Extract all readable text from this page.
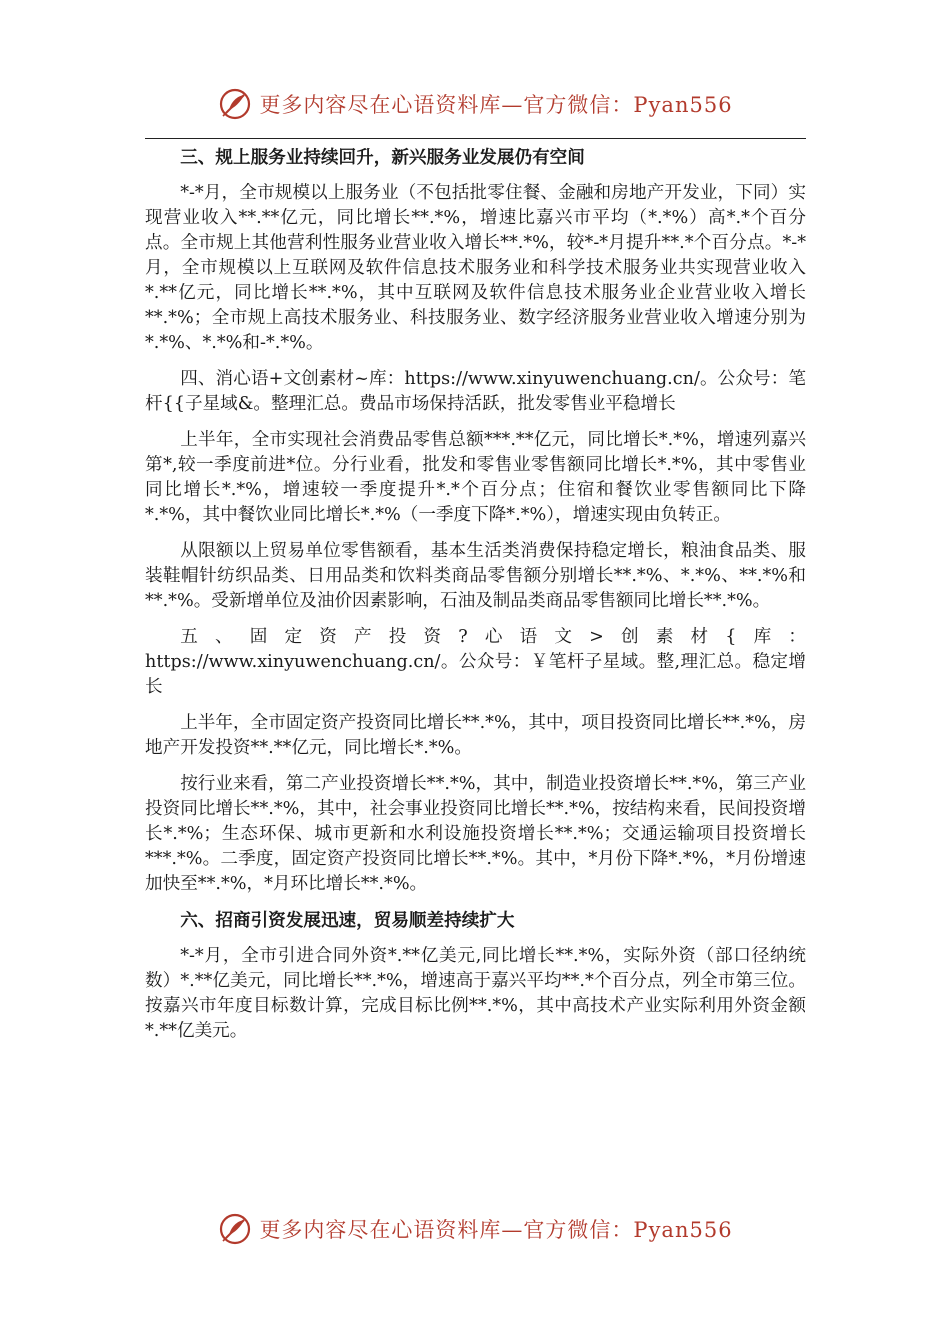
更多内容尽在心语资料库—官方微信：Pyan556

三、规上服务业持续回升，新兴服务业发展仍有空间

*-*月，全市规模以上服务业（不包括批零住餐、金融和房地产开发业，下同）实现营业收入**.**亿元，同比增长**.*%，增速比嘉兴市平均（*.*%）高*.*个百分点。全市规上其他营利性服务业营业收入增长**.*%，较*-*月提升**.*个百分点。*-*月，全市规模以上互联网及软件信息技术服务业和科学技术服务业共实现营业收入*.**亿元，同比增长**.*%，其中互联网及软件信息技术服务业企业营业收入增长**.*%；全市规上高技术服务业、科技服务业、数字经济服务业营业收入增速分别为*.*%、*.*%和-*.*%。

四、消心语+文创素材~库：https://www.xinyuwenchuang.cn/。公众号：笔杆{{子星域&。整理汇总。费品市场保持活跃，批发零售业平稳增长

上半年，全市实现社会消费品零售总额***.**亿元，同比增长*.*%，增速列嘉兴第*,较一季度前进*位。分行业看，批发和零售业零售额同比增长*.*%，其中零售业同比增长*.*%，增速较一季度提升*.*个百分点；住宿和餐饮业零售额同比下降*.*%，其中餐饮业同比增长*.*%（一季度下降*.*%），增速实现由负转正。

从限额以上贸易单位零售额看，基本生活类消费保持稳定增长，粮油食品类、服装鞋帽针纺织品类、日用品类和饮料类商品零售额分别增长**.*%、*.*%、**.*%和**.*%。受新增单位及油价因素影响，石油及制品类商品零售额同比增长**.*%。

五、固定资产投资?心语文>创素材{库：https://www.xinyuwenchuang.cn/。公众号：￥笔杆子星域。整,理汇总。稳定增长

上半年，全市固定资产投资同比增长**.*%，其中，项目投资同比增长**.*%，房地产开发投资**.**亿元，同比增长*.*%。

按行业来看，第二产业投资增长**.*%，其中，制造业投资增长**.*%，第三产业投资同比增长**.*%，其中，社会事业投资同比增长**.*%，按结构来看，民间投资增长*.*%；生态环保、城市更新和水利设施投资增长**.*%；交通运输项目投资增长***.*%。二季度，固定资产投资同比增长**.*%。其中，*月份下降*.*%，*月份增速加快至**.*%，*月环比增长**.*%。

六、招商引资发展迅速，贸易顺差持续扩大

*-*月，全市引进合同外资*.**亿美元,同比增长**.*%，实际外资（部口径纳统数）*.**亿美元，同比增长**.*%，增速高于嘉兴平均**.*个百分点，列全市第三位。按嘉兴市年度目标数计算，完成目标比例**.*%，其中高技术产业实际利用外资金额*.**亿美元。

更多内容尽在心语资料库—官方微信：Pyan556
